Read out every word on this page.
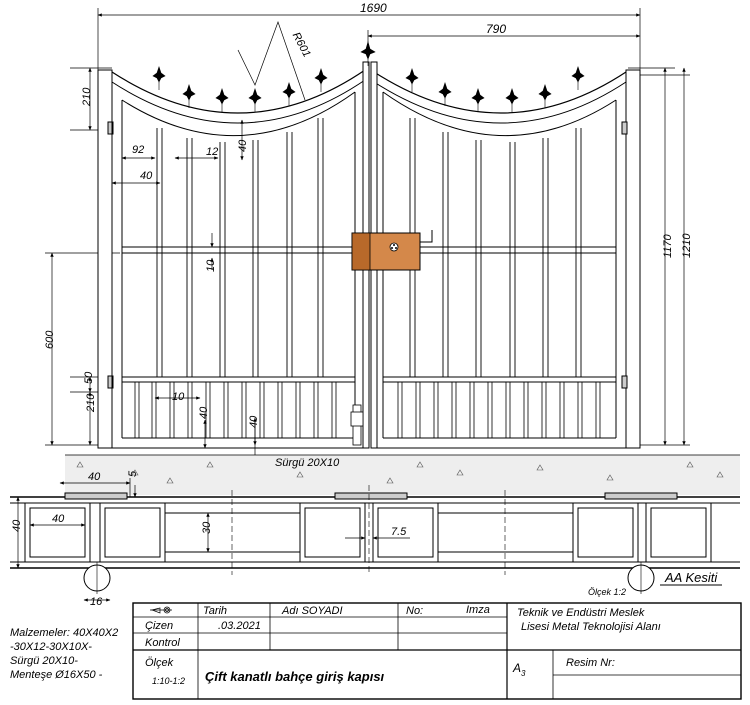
1690
790
R601
210
92	12
40
40
10
600
50
10
210
40
40
1170 1210
Sürgü 20X10
40 5
40
40	30	7.5
16
Ölçek 1:2
AA Kesiti
Tarih	Adı SOYADI	No:	Imza
Çizen	.03.2021
Kontrol
Ölçek
1:10-1:2 Çift kanatlı bahçe giriş kapısı
Teknik ve Endüstri Meslek
Lisesi Metal Teknolojisi Alanı
A 3
Resim Nr:
Malzemeler: 40X40X2
-30X12-30X10X-
Sürgü 20X10-
Menteşe Ø16X50 -
